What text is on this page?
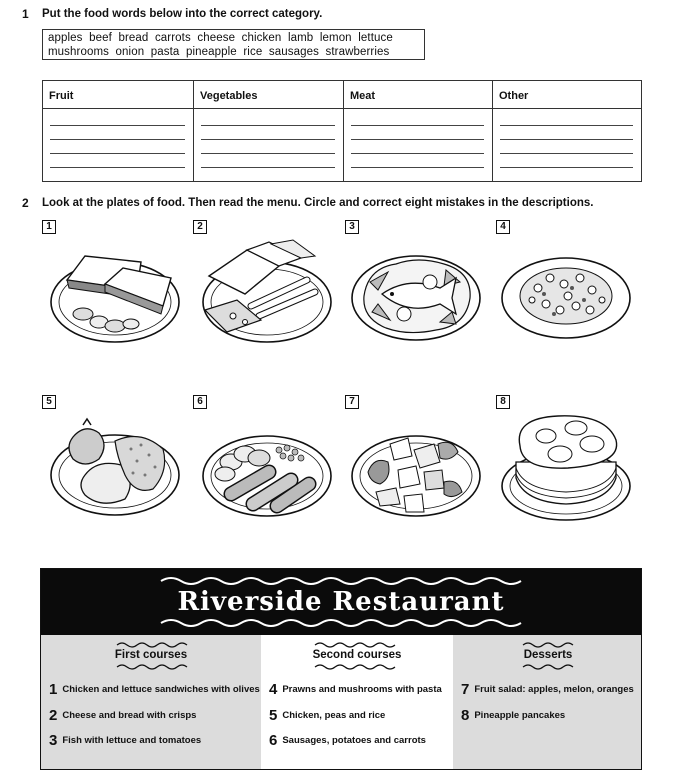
1 Put the food words below into the correct category.
apples  beef  bread  carrots  cheese  chicken  lamb  lemon  lettuce
mushrooms  onion  pasta  pineapple  rice  sausages  strawberries
Fruit	Vegetables	Meat	Other
2 Look at the plates of food. Then read the menu. Circle and correct eight mistakes in the descriptions.
1	2	3	4
5	6	7	8
Riverside Restaurant
First courses
1 Chicken and lettuce sandwiches with olives
2 Cheese and bread with crisps
3 Fish with lettuce and tomatoes
Second courses
4 Prawns and mushrooms with pasta
5 Chicken, peas and rice
6 Sausages, potatoes and carrots
Desserts
7 Fruit salad: apples, melon, oranges
8 Pineapple pancakes
